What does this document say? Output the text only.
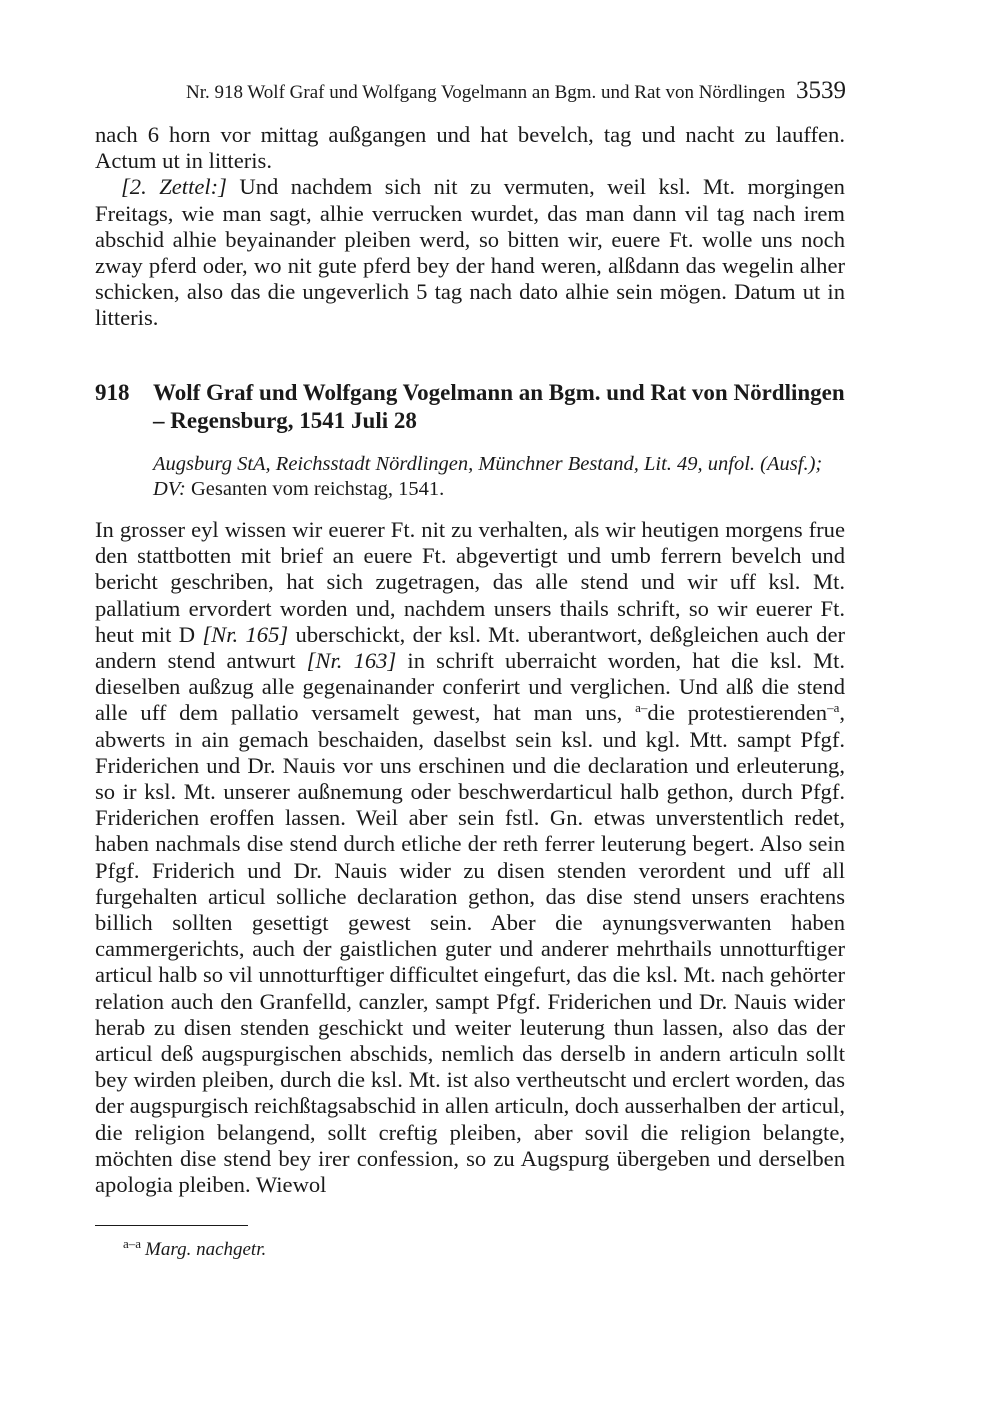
Nr. 918 Wolf Graf und Wolfgang Vogelmann an Bgm. und Rat von Nördlingen 3539

nach 6 horn vor mittag außgangen und hat bevelch, tag und nacht zu lauffen. Actum ut in litteris.

[2. Zettel:] Und nachdem sich nit zu vermuten, weil ksl. Mt. morgingen Freitags, wie man sagt, alhie verrucken wurdet, das man dann vil tag nach irem abschid alhie beyainander pleiben werd, so bitten wir, euere Ft. wolle uns noch zway pferd oder, wo nit gute pferd bey der hand weren, alßdann das wegelin alher schicken, also das die ungeverlich 5 tag nach dato alhie sein mögen. Datum ut in litteris.

918 Wolf Graf und Wolfgang Vogelmann an Bgm. und Rat von Nördlingen – Regensburg, 1541 Juli 28
Augsburg StA, Reichsstadt Nördlingen, Münchner Bestand, Lit. 49, unfol. (Ausf.);
DV: Gesanten vom reichstag, 1541.

In grosser eyl wissen wir euerer Ft. nit zu verhalten, als wir heutigen morgens frue den stattbotten mit brief an euere Ft. abgevertigt und umb ferrern bevelch und bericht geschriben, hat sich zugetragen, das alle stend und wir uff ksl. Mt. pallatium ervordert worden und, nachdem unsers thails schrift, so wir euerer Ft. heut mit D [Nr. 165] uberschickt, der ksl. Mt. uberantwort, deßgleichen auch der andern stend antwurt [Nr. 163] in schrift uberraicht worden, hat die ksl. Mt. dieselben außzug alle gegenainander conferirt und verglichen. Und alß die stend alle uff dem pallatio versamelt gewest, hat man uns, $^{a-}$die protestierenden$^{-a}$, abwerts in ain gemach beschaiden, daselbst sein ksl. und kgl. Mtt. sampt Pfgf. Friderichen und Dr. Nauis vor uns erschinen und die declaration und erleuterung, so ir ksl. Mt. unserer außnemung oder beschwerdarticul halb gethon, durch Pfgf. Friderichen eroffen lassen. Weil aber sein fstl. Gn. etwas unverstentlich redet, haben nachmals dise stend durch etliche der reth ferrer leuterung begert. Also sein Pfgf. Friderich und Dr. Nauis wider zu disen stenden verordent und uff all furgehalten articul solliche declaration gethon, das dise stend unsers erachtens billich sollten gesettigt gewest sein. Aber die aynungsverwanten haben cammergerichts, auch der gaistlichen guter und anderer mehrthails unnotturftiger articul halb so vil unnotturftiger difficultet eingefurt, das die ksl. Mt. nach gehörter relation auch den Granfelld, canzler, sampt Pfgf. Friderichen und Dr. Nauis wider herab zu disen stenden geschickt und weiter leuterung thun lassen, also das der articul deß augspurgischen abschids, nemlich das derselb in andern articuln sollt bey wirden pleiben, durch die ksl. Mt. ist also vertheutscht und erclert worden, das der augspurgisch reichßtagsabschid in allen articuln, doch ausserhalben der articul, die religion belangend, sollt creftig pleiben, aber sovil die religion belangte, möchten dise stend bey irer confession, so zu Augspurg übergeben und derselben apologia pleiben. Wiewol

$^{a-a}$ Marg. nachgetr.
